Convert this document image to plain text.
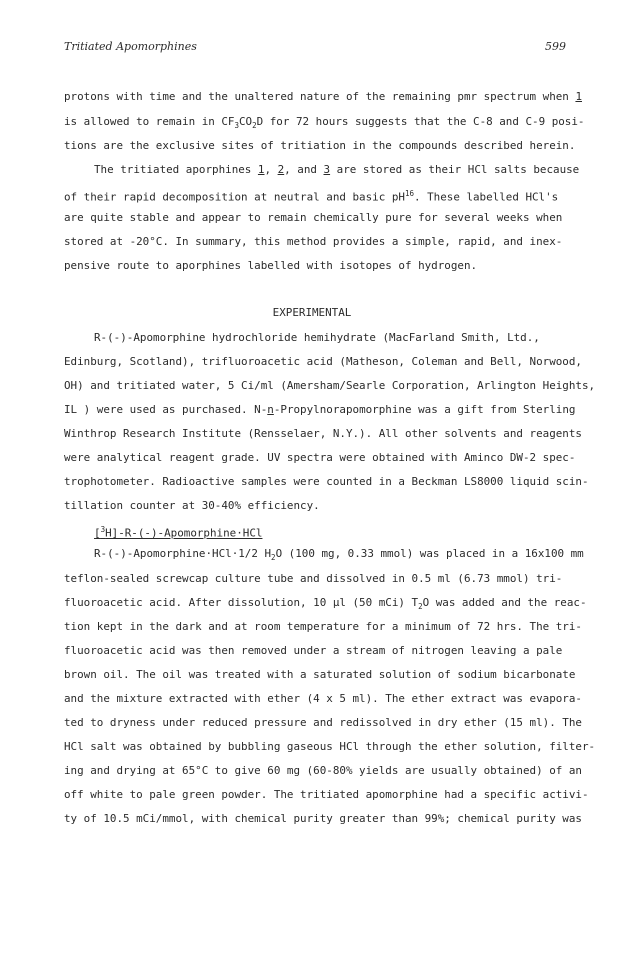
Tritiated Apomorphines	599
protons with time and the unaltered nature of the remaining pmr spectrum when 1
is allowed to remain in $CF_3CO_2D$ for 72 hours suggests that the C-8 and C-9 posi-
tions are the exclusive sites of tritiation in the compounds described herein.
The tritiated aporphines 1, 2, and 3 are stored as their HCl salts because
of their rapid decomposition at neutral and basic $pH^{16}$. These labelled HCl's
are quite stable and appear to remain chemically pure for several weeks when
stored at -20°C. In summary, this method provides a simple, rapid, and inex-
pensive route to aporphines labelled with isotopes of hydrogen.
EXPERIMENTAL
R-(-)-Apomorphine hydrochloride hemihydrate (MacFarland Smith, Ltd.,
Edinburg, Scotland), trifluoroacetic acid (Matheson, Coleman and Bell, Norwood,
OH) and tritiated water, 5 Ci/ml (Amersham/Searle Corporation, Arlington Heights,
IL ) were used as purchased. N-n-Propylnorapomorphine was a gift from Sterling
Winthrop Research Institute (Rensselaer, N.Y.). All other solvents and reagents
were analytical reagent grade. UV spectra were obtained with Aminco DW-2 spec-
trophotometer. Radioactive samples were counted in a Beckman LS8000 liquid scin-
tillation counter at 30-40% efficiency.
[$^3$H]-R-(-)-Apomorphine·HCl
R-(-)-Apomorphine·HCl·1/2 $H_2O$ (100 mg, 0.33 mmol) was placed in a 16x100 mm
teflon-sealed screwcap culture tube and dissolved in 0.5 ml (6.73 mmol) tri-
fluoroacetic acid. After dissolution, 10 µl (50 mCi) $T_2O$ was added and the reac-
tion kept in the dark and at room temperature for a minimum of 72 hrs. The tri-
fluoroacetic acid was then removed under a stream of nitrogen leaving a pale
brown oil. The oil was treated with a saturated solution of sodium bicarbonate
and the mixture extracted with ether (4 x 5 ml). The ether extract was evapora-
ted to dryness under reduced pressure and redissolved in dry ether (15 ml). The
HCl salt was obtained by bubbling gaseous HCl through the ether solution, filter-
ing and drying at 65°C to give 60 mg (60-80% yields are usually obtained) of an
off white to pale green powder. The tritiated apomorphine had a specific activi-
ty of 10.5 mCi/mmol, with chemical purity greater than 99%; chemical purity was
